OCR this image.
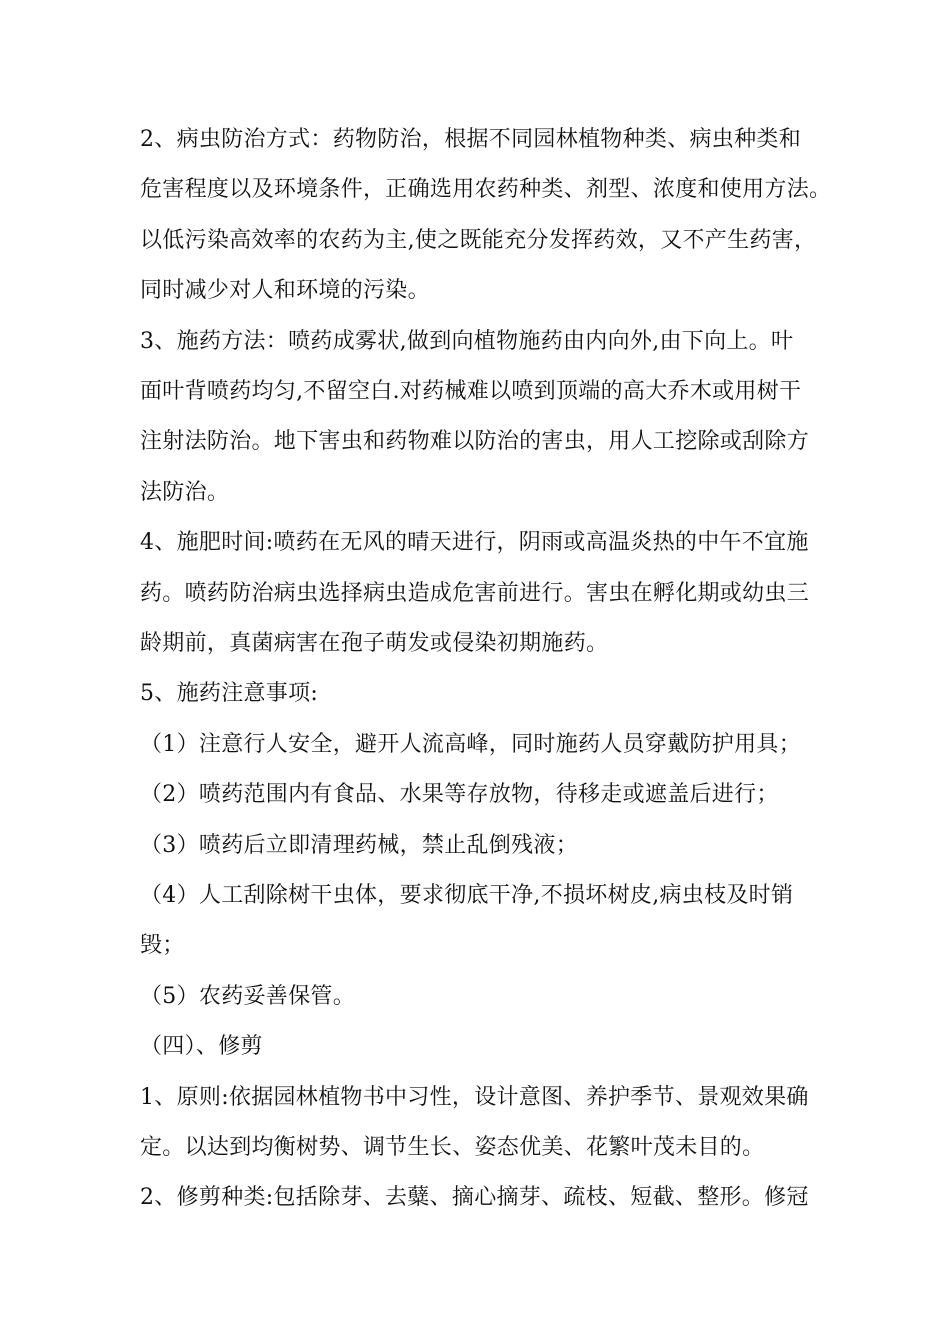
2、病虫防治方式：药物防治，根据不同园林植物种类、病虫种类和
危害程度以及环境条件，正确选用农药种类、剂型、浓度和使用方法。
以低污染高效率的农药为主,使之既能充分发挥药效，又不产生药害，
同时减少对人和环境的污染。
3、施药方法：喷药成雾状,做到向植物施药由内向外,由下向上。叶
面叶背喷药均匀,不留空白.对药械难以喷到顶端的高大乔木或用树干
注射法防治。地下害虫和药物难以防治的害虫，用人工挖除或刮除方
法防治。
4、施肥时间:喷药在无风的晴天进行，阴雨或高温炎热的中午不宜施
药。喷药防治病虫选择病虫造成危害前进行。害虫在孵化期或幼虫三
龄期前，真菌病害在孢子萌发或侵染初期施药。
5、施药注意事项:
（1）注意行人安全，避开人流高峰，同时施药人员穿戴防护用具；
（2）喷药范围内有食品、水果等存放物，待移走或遮盖后进行；
（3）喷药后立即清理药械，禁止乱倒残液；
（4）人工刮除树干虫体，要求彻底干净,不损坏树皮,病虫枝及时销
毁；
（5）农药妥善保管。
（四）、修剪
1、原则:依据园林植物书中习性，设计意图、养护季节、景观效果确
定。以达到均衡树势、调节生长、姿态优美、花繁叶茂未目的。
2、修剪种类:包括除芽、去糵、摘心摘芽、疏枝、短截、整形。修冠
